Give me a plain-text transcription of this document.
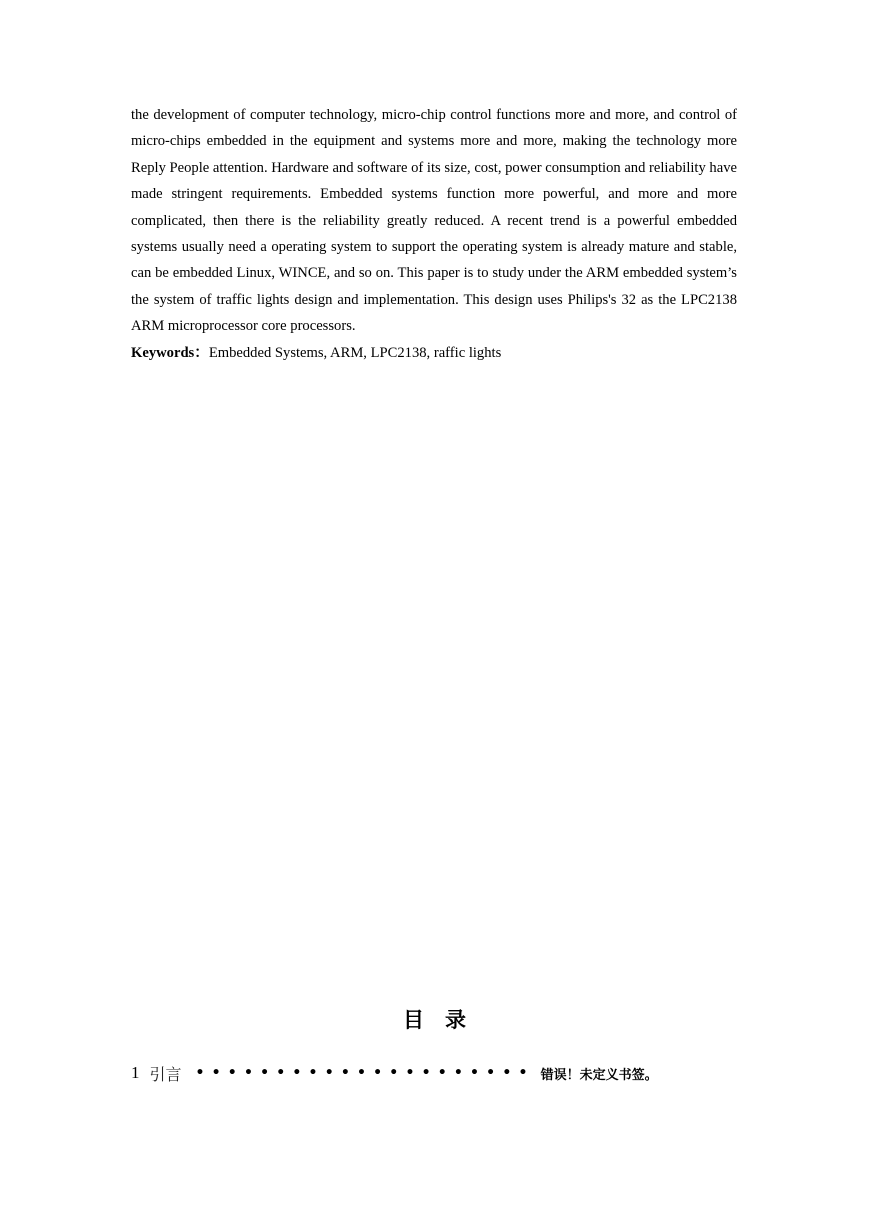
the development of computer technology, micro-chip control functions more and more, and control of micro-chips embedded in the equipment and systems more and more, making the technology more Reply People attention. Hardware and software of its size, cost, power consumption and reliability have made stringent requirements. Embedded systems function more powerful, and more and more complicated, then there is the reliability greatly reduced. A recent trend is a powerful embedded systems usually need a operating system to support the operating system is already mature and stable, can be embedded Linux, WINCE, and so on. This paper is to study under the ARM embedded system’s the system of traffic lights design and implementation. This design uses Philips's 32 as the LPC2138 ARM microprocessor core processors.

Keywords：Embedded Systems, ARM, LPC2138, raffic lights

目　录
1 引言 ••••••••••••••••••••• 错误！未定义书签。
